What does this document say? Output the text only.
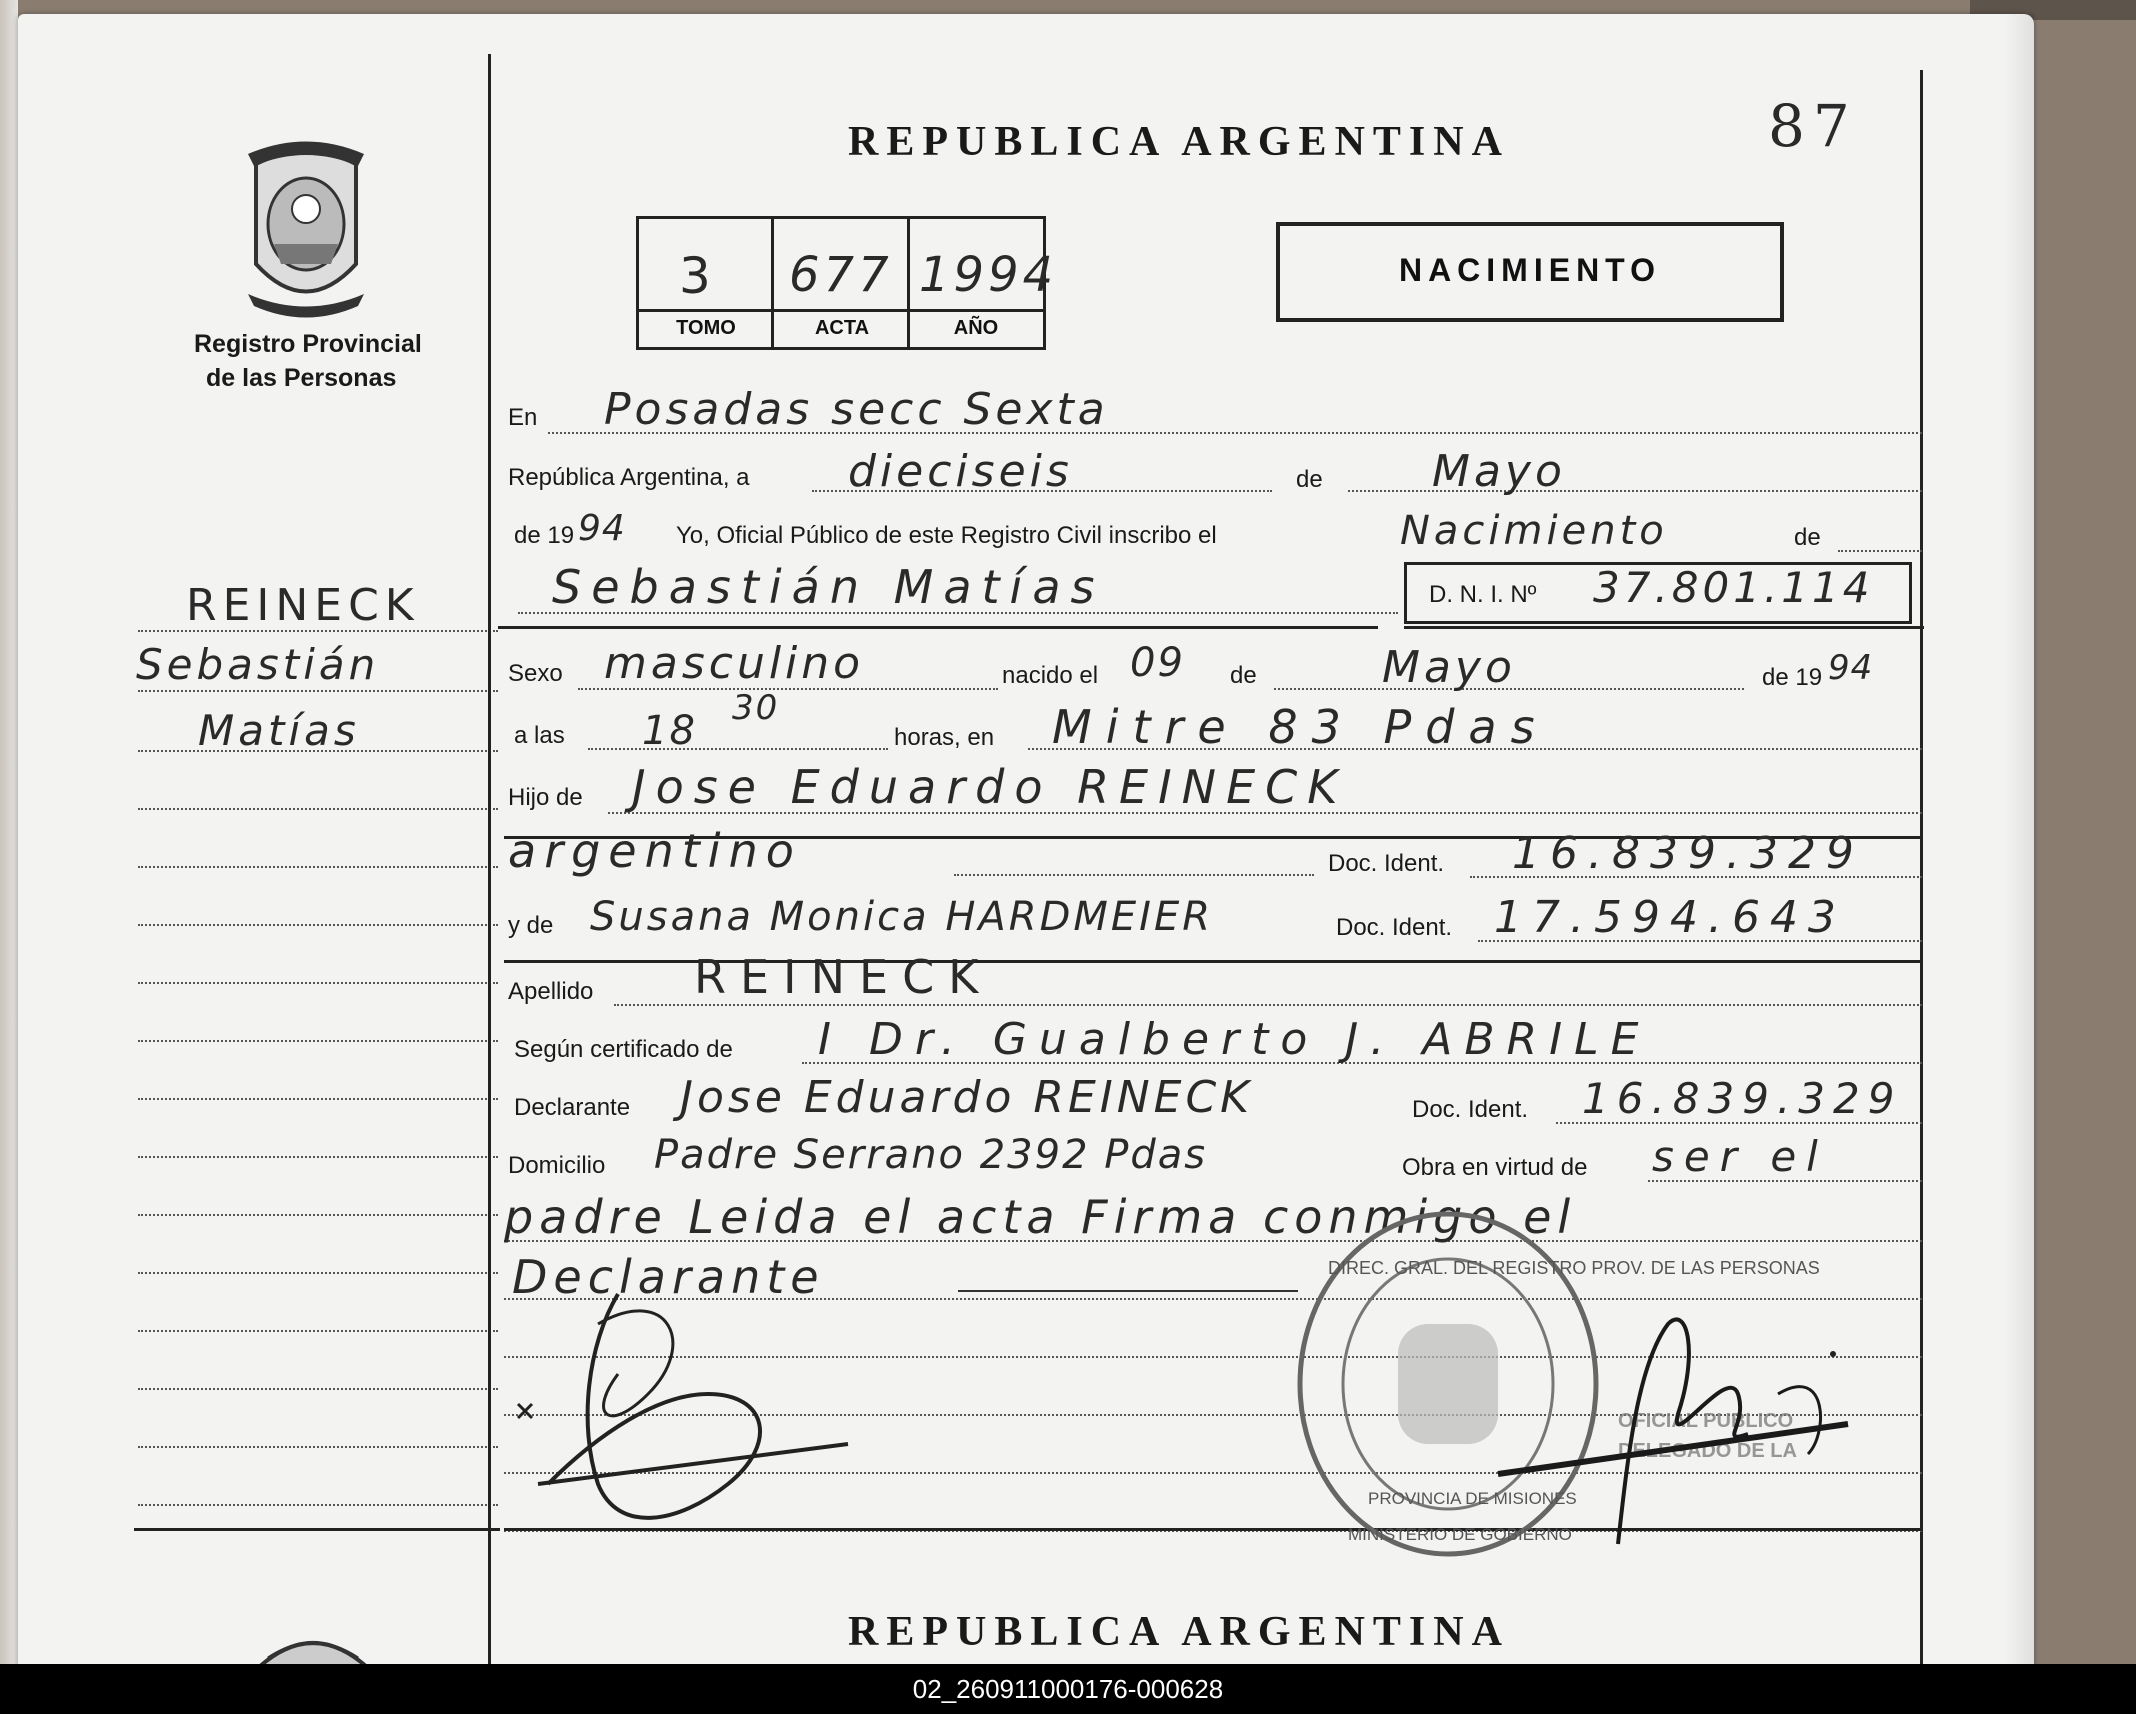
Registro Provincial
de las Personas
REINECK
Sebastián
Matías
REPUBLICA ARGENTINA	87
3 677 1994
TOMO	ACTA	AÑO
NACIMIENTO
En Posadas secc Sexta
República Argentina, a dieciseis	de Mayo
de 19 94 Yo, Oficial Público de este Registro Civil inscribo el	Nacimiento	de
Sebastián Matías	D. N. I. Nº 37.801.114
Sexo masculino	nacido el 09 de	Mayo	de 19 94
a las 18 30
horas, en Mitre 83 Pdas
Hijo de Jose Eduardo REINECK
argentino	Doc. Ident. 16.839.329
y de Susana Monica HARDMEIER	Doc. Ident. 17.594.643
Apellido REINECK
Según certificado de I Dr. Gualberto J. ABRILE
Declarante Jose Eduardo REINECK	Doc. Ident. 16.839.329
Domicilio Padre Serrano 2392 Pdas	Obra en virtud de ser el
padre Leida el acta Firma conmigo el
Declarante	DIREC. GRAL. DEL REGISTRO PROV. DE LAS PERSONAS
PROVINCIA DE MISIONES
MINISTERIO DE GOBIERNO
OFICIAL PUBLICO
DELEGADO DE LA
REPUBLICA ARGENTINA
02_260911000176-000628
